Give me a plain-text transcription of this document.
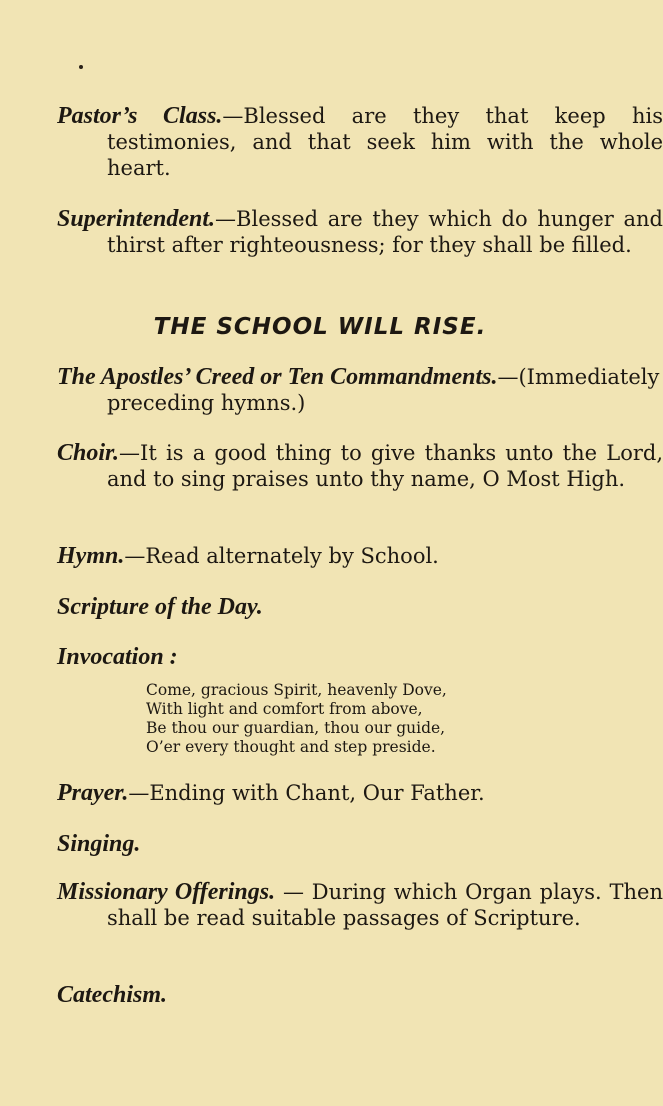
Pastor’s Class.—Blessed are they that keep his testimonies, and that seek him with the whole heart.
Superintendent.—Blessed are they which do hunger and thirst after righteousness; for they shall be filled.
THE SCHOOL WILL RISE.
The Apostles’ Creed or Ten Commandments.—(Immediately preceding hymns.)
Choir.—It is a good thing to give thanks unto the Lord, and to sing praises unto thy name, O Most High.
Hymn.—Read alternately by School.
Scripture of the Day.
Invocation :
Come, gracious Spirit, heavenly Dove,
With light and comfort from above,
Be thou our guardian, thou our guide,
O’er every thought and step preside.
Prayer.—Ending with Chant, Our Father.
Singing.
Missionary Offerings. — During which Organ plays. Then shall be read suitable passages of Scripture.
Catechism.
